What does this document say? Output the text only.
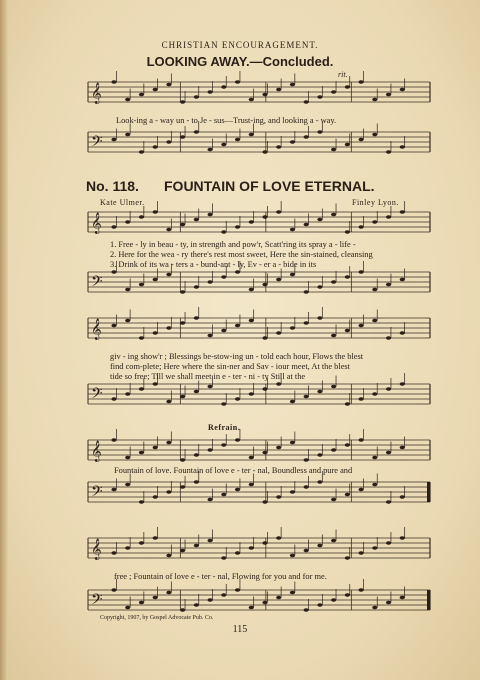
CHRISTIAN ENCOURAGEMENT.
LOOKING AWAY.—Concluded.
rit.
𝄞
𝄢
𝄞
𝄢
𝄞
𝄢
𝄞
𝄢
𝄞
𝄢
Look-ing a - way un - to Je - sus—Trust-ing, and looking a - way.
No. 118. FOUNTAIN OF LOVE ETERNAL.
Kate Ulmer.	Finley Lyon.
1. Free - ly in beau - ty, in strength and pow'r, Scatt'ring its spray a - life -
2. Here for the wea - ry there's rest most sweet, Here the sin-stained, cleansing
3. Drink of its wa - ters a - bund-ant - ly, Ev - er a - bide in its
giv - ing show'r ; Blessings be-stow-ing un - told each hour, Flows the blest
find com-plete; Here where the sin-ner and Sav - iour meet, At the blest
tide so free; Till we shall meet in e - ter - ni - ty Still at the
Refrain.
Fountain of love. Fountain of love e - ter - nal, Boundless and pure and
free ; Fountain of love e - ter - nal, Flowing for you and for me.
Copyright, 1907, by Gospel Advocate Pub. Co.
115
